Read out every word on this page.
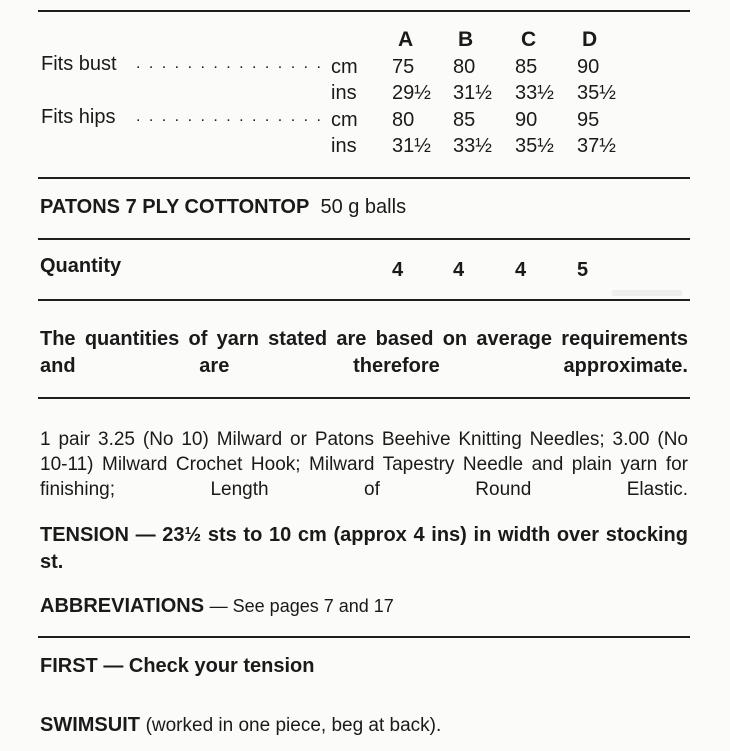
A B C D
Fits bust . . . . . . . . . . . . . . . cm 75 80 85 90
ins 29½ 31½ 33½ 35½
Fits hips . . . . . . . . . . . . . . . cm 80 85 90 95
ins 31½ 33½ 35½ 37½
PATONS 7 PLY COTTONTOP 50 g balls
Quantity	4 4	4	5
The quantities of yarn stated are based on average requirements and are therefore approximate.
1 pair 3.25 (No 10) Milward or Patons Beehive Knitting Needles; 3.00 (No 10-11) Milward Crochet Hook; Milward Tapestry Needle and plain yarn for finishing; Length of Round Elastic.
TENSION — 23½ sts to 10 cm (approx 4 ins) in width over stocking st.
ABBREVIATIONS — See pages 7 and 17
FIRST — Check your tension
SWIMSUIT (worked in one piece, beg at back).
